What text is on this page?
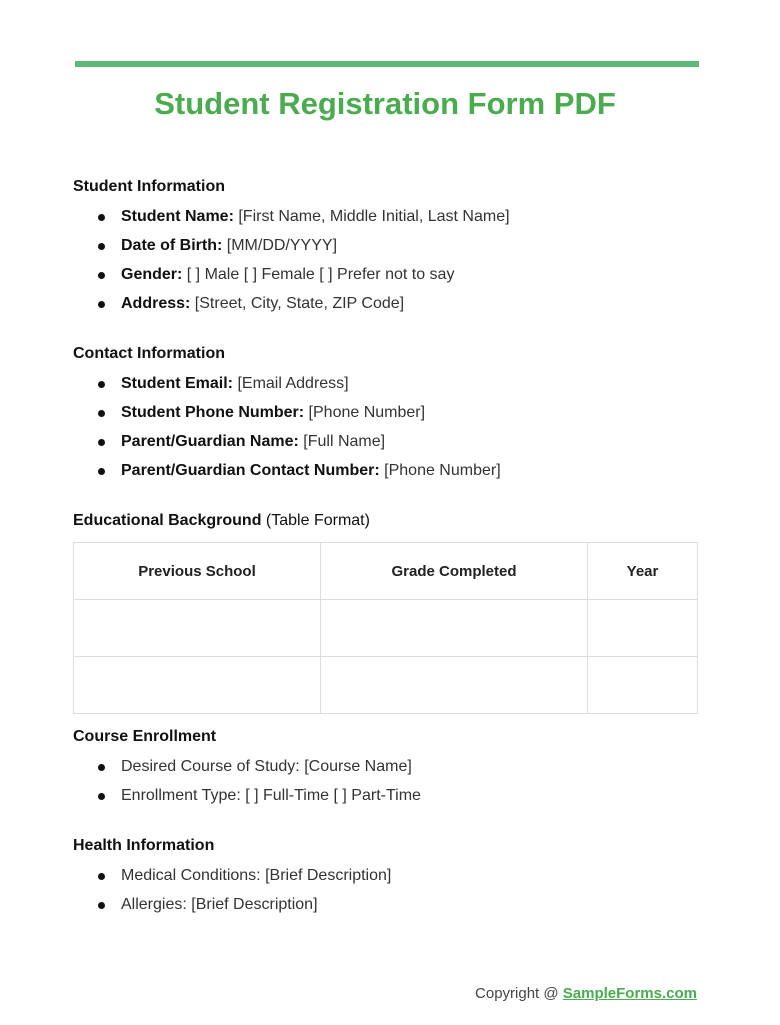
Student Registration Form PDF
Student Information
Student Name: [First Name, Middle Initial, Last Name]
Date of Birth: [MM/DD/YYYY]
Gender: [ ] Male [ ] Female [ ] Prefer not to say
Address: [Street, City, State, ZIP Code]
Contact Information
Student Email: [Email Address]
Student Phone Number: [Phone Number]
Parent/Guardian Name: [Full Name]
Parent/Guardian Contact Number: [Phone Number]
Educational Background (Table Format)
Previous School	Grade Completed	Year

Course Enrollment
Desired Course of Study: [Course Name]
Enrollment Type: [ ] Full-Time [ ] Part-Time
Health Information
Medical Conditions: [Brief Description]
Allergies: [Brief Description]
Copyright @ SampleForms.com
